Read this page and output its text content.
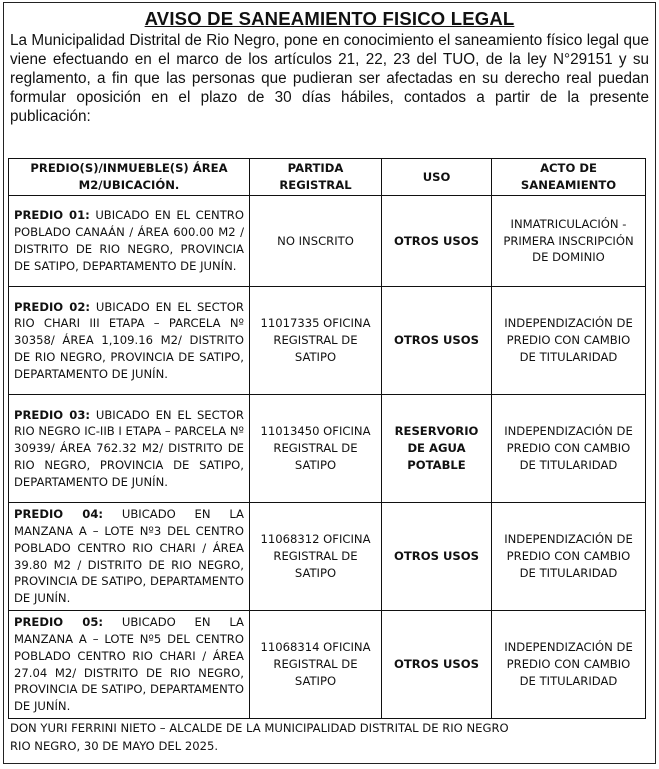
AVISO DE SANEAMIENTO FISICO LEGAL
La Municipalidad Distrital de Rio Negro, pone en conocimiento el saneamiento físico legal que viene efectuando en el marco de los artículos 21, 22, 23 del TUO, de la ley N°29151 y su reglamento, a fin que las personas que pudieran ser afectadas en su derecho real puedan formular oposición en el plazo de 30 días hábiles, contados a partir de la presente publicación:
PREDIO(S)/INMUEBLE(S) ÁREA M2/UBICACIÓN.	PARTIDA REGISTRAL	USO	ACTO DE SANEAMIENTO
PREDIO 01: UBICADO EN EL CENTRO POBLADO CANAÁN / ÁREA 600.00 M2 / DISTRITO DE RIO NEGRO, PROVINCIA DE SATIPO, DEPARTAMENTO DE JUNÍN.	NO INSCRITO	OTROS USOS	INMATRICULACIÓN - PRIMERA INSCRIPCIÓN DE DOMINIO
PREDIO 02: UBICADO EN EL SECTOR RIO CHARI III ETAPA – PARCELA Nº 30358/ ÁREA 1,109.16 M2/ DISTRITO DE RIO NEGRO, PROVINCIA DE SATIPO, DEPARTAMENTO DE JUNÍN.	11017335 OFICINA REGISTRAL DE SATIPO	OTROS USOS	INDEPENDIZACIÓN DE PREDIO CON CAMBIO DE TITULARIDAD
PREDIO 03: UBICADO EN EL SECTOR RIO NEGRO IC-IIB I ETAPA – PARCELA Nº 30939/ ÁREA 762.32 M2/ DISTRITO DE RIO NEGRO, PROVINCIA DE SATIPO, DEPARTAMENTO DE JUNÍN.	11013450 OFICINA REGISTRAL DE SATIPO	RESERVORIO DE AGUA POTABLE	INDEPENDIZACIÓN DE PREDIO CON CAMBIO DE TITULARIDAD
PREDIO 04: UBICADO EN LA MANZANA A – LOTE Nº3 DEL CENTRO POBLADO CENTRO RIO CHARI / ÁREA 39.80 M2 / DISTRITO DE RIO NEGRO, PROVINCIA DE SATIPO, DEPARTAMENTO DE JUNÍN.	11068312 OFICINA REGISTRAL DE SATIPO	OTROS USOS	INDEPENDIZACIÓN DE PREDIO CON CAMBIO DE TITULARIDAD
PREDIO 05: UBICADO EN LA MANZANA A – LOTE Nº5 DEL CENTRO POBLADO CENTRO RIO CHARI / ÁREA 27.04 M2/ DISTRITO DE RIO NEGRO, PROVINCIA DE SATIPO, DEPARTAMENTO DE JUNÍN.	11068314 OFICINA REGISTRAL DE SATIPO	OTROS USOS	INDEPENDIZACIÓN DE PREDIO CON CAMBIO DE TITULARIDAD
DON YURI FERRINI NIETO – ALCALDE DE LA MUNICIPALIDAD DISTRITAL DE RIO NEGRO
RIO NEGRO, 30 DE MAYO DEL 2025.
